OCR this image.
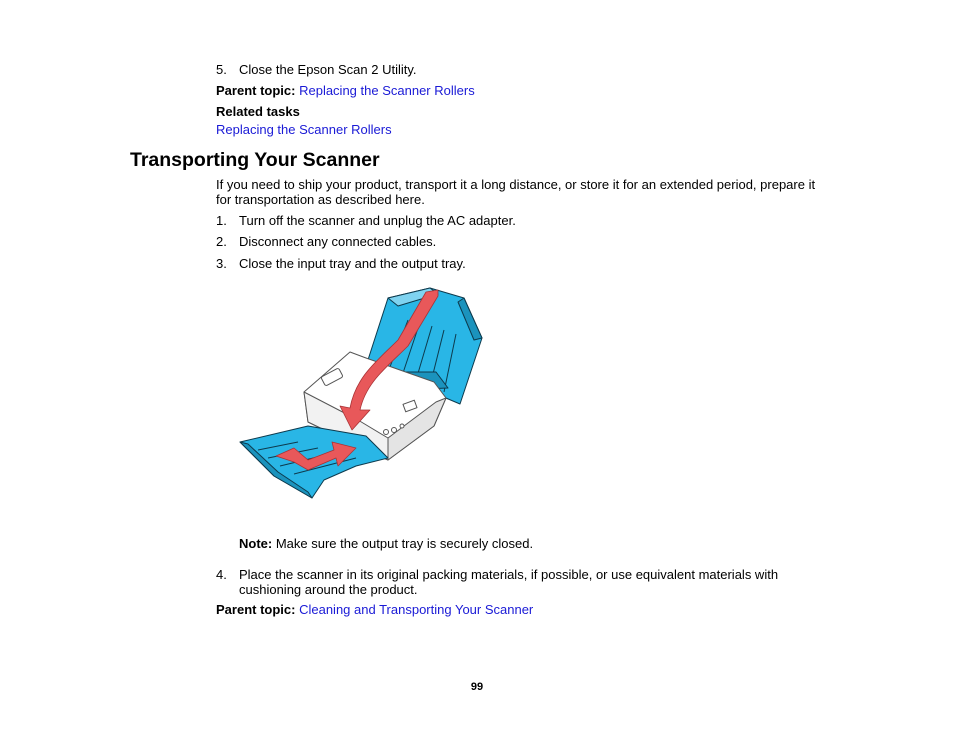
5. Close the Epson Scan 2 Utility.
Parent topic: Replacing the Scanner Rollers
Related tasks
Replacing the Scanner Rollers
Transporting Your Scanner
If you need to ship your product, transport it a long distance, or store it for an extended period, prepare it for transportation as described here.
1. Turn off the scanner and unplug the AC adapter.
2. Disconnect any connected cables.
3. Close the input tray and the output tray.
Note: Make sure the output tray is securely closed.
4. Place the scanner in its original packing materials, if possible, or use equivalent materials with cushioning around the product.
Parent topic: Cleaning and Transporting Your Scanner
99
